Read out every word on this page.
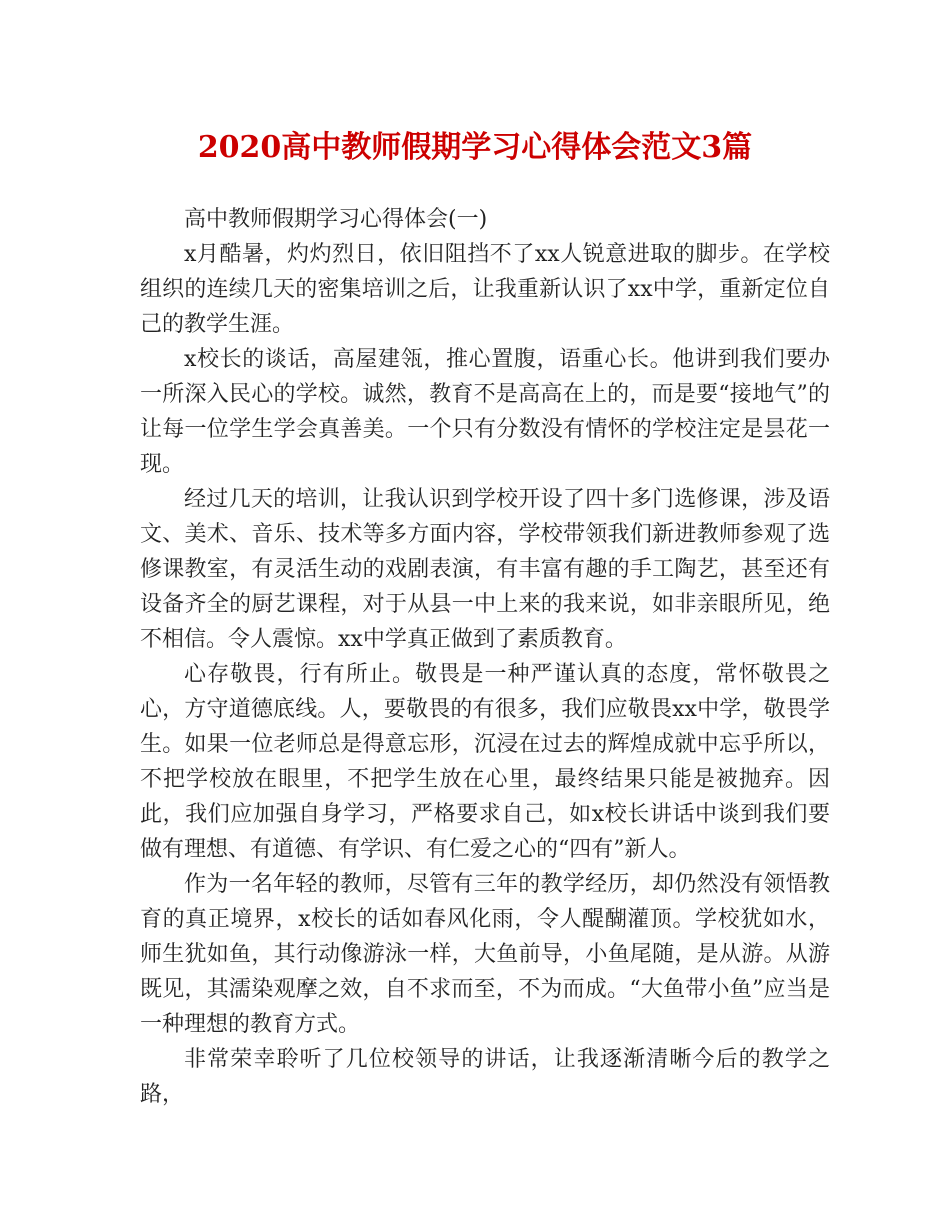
2020高中教师假期学习心得体会范文3篇

高中教师假期学习心得体会(一)

x月酷暑，灼灼烈日，依旧阻挡不了xx人锐意进取的脚步。在学校组织的连续几天的密集培训之后，让我重新认识了xx中学，重新定位自己的教学生涯。

x校长的谈话，高屋建瓴，推心置腹，语重心长。他讲到我们要办一所深入民心的学校。诚然，教育不是高高在上的，而是要“接地气”的让每一位学生学会真善美。一个只有分数没有情怀的学校注定是昙花一现。

经过几天的培训，让我认识到学校开设了四十多门选修课，涉及语文、美术、音乐、技术等多方面内容，学校带领我们新进教师参观了选修课教室，有灵活生动的戏剧表演，有丰富有趣的手工陶艺，甚至还有设备齐全的厨艺课程，对于从县一中上来的我来说，如非亲眼所见，绝不相信。令人震惊。xx中学真正做到了素质教育。

心存敬畏，行有所止。敬畏是一种严谨认真的态度，常怀敬畏之心，方守道德底线。人，要敬畏的有很多，我们应敬畏xx中学，敬畏学生。如果一位老师总是得意忘形，沉浸在过去的辉煌成就中忘乎所以，不把学校放在眼里，不把学生放在心里，最终结果只能是被抛弃。因此，我们应加强自身学习，严格要求自己，如x校长讲话中谈到我们要做有理想、有道德、有学识、有仁爱之心的“四有”新人。

作为一名年轻的教师，尽管有三年的教学经历，却仍然没有领悟教育的真正境界，x校长的话如春风化雨，令人醍醐灌顶。学校犹如水，师生犹如鱼，其行动像游泳一样，大鱼前导，小鱼尾随，是从游。从游既见，其濡染观摩之效，自不求而至，不为而成。“大鱼带小鱼”应当是一种理想的教育方式。

非常荣幸聆听了几位校领导的讲话，让我逐渐清晰今后的教学之路，
